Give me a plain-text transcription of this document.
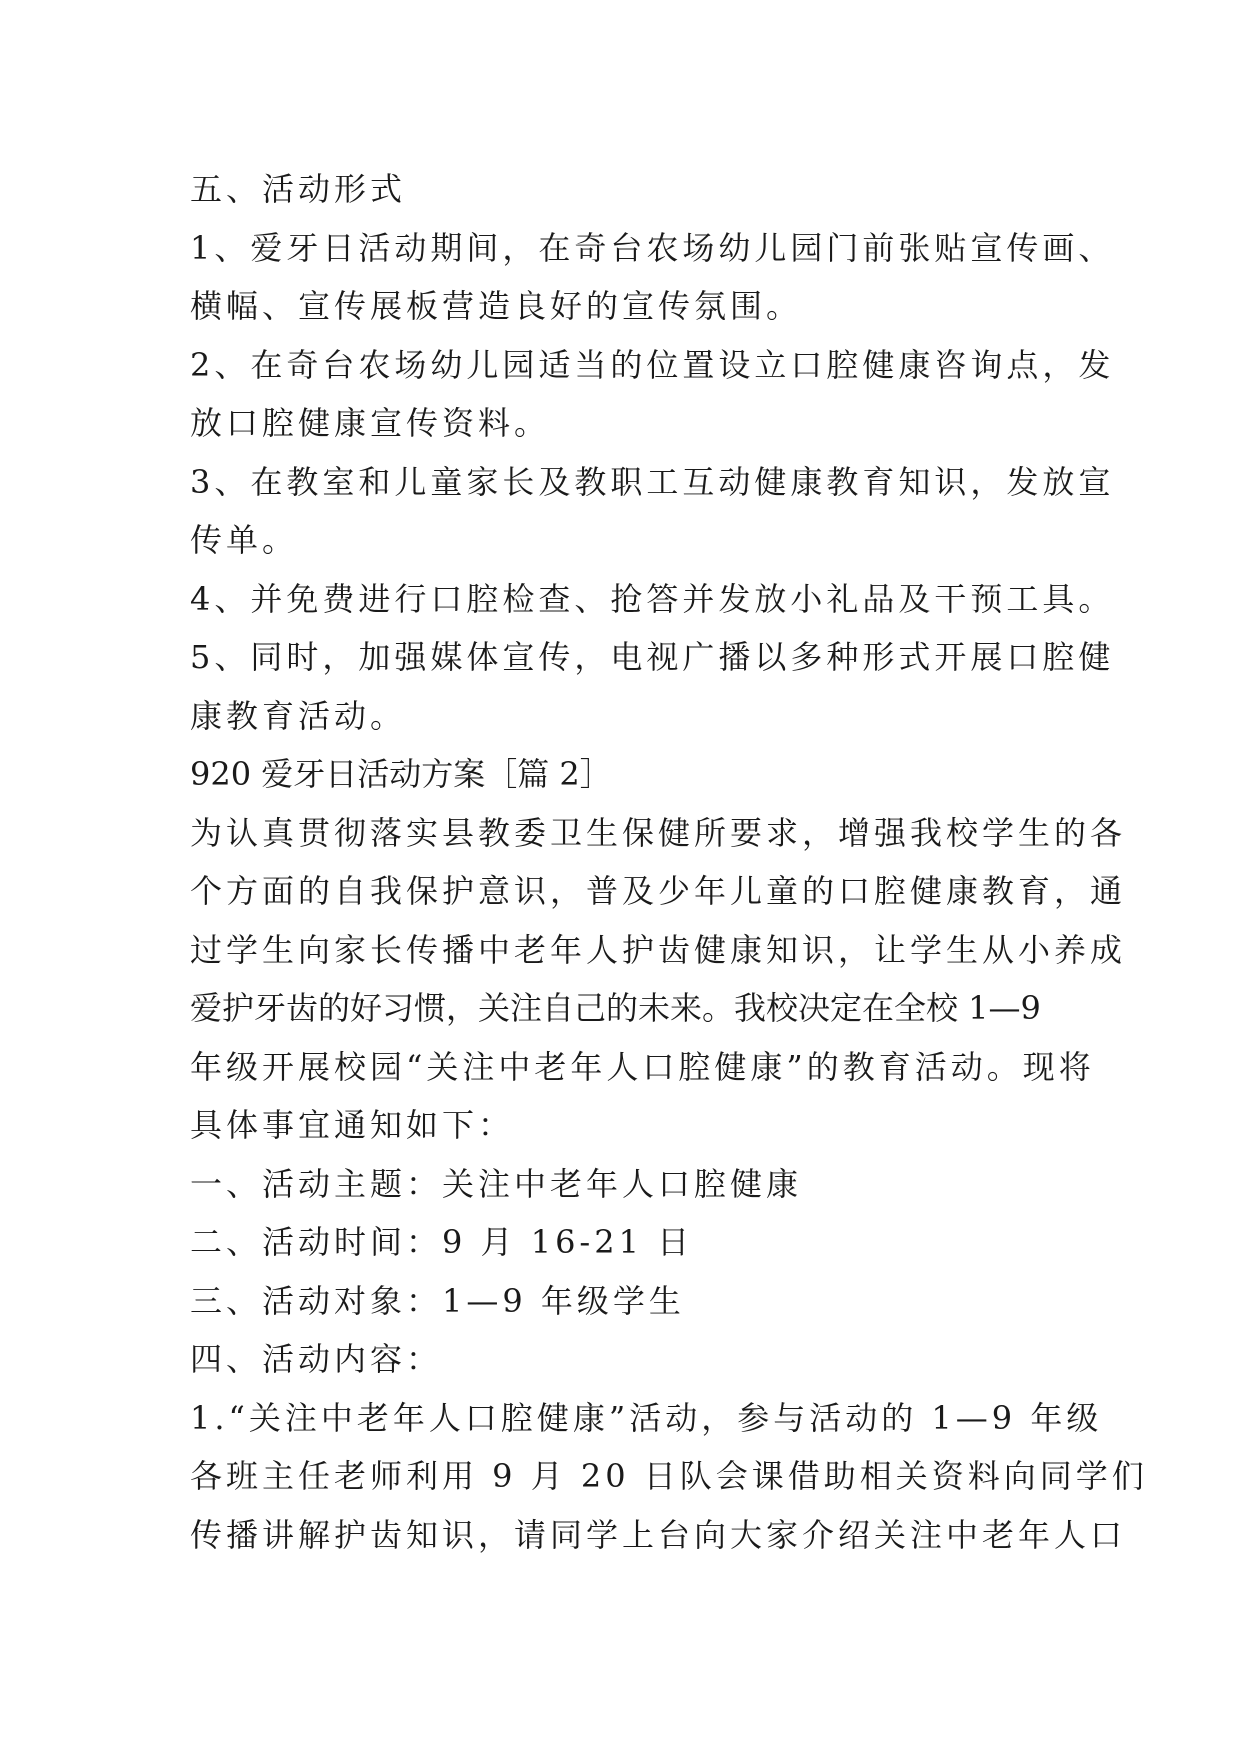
五、活动形式
1、爱牙日活动期间，在奇台农场幼儿园门前张贴宣传画、
横幅、宣传展板营造良好的宣传氛围。
2、在奇台农场幼儿园适当的位置设立口腔健康咨询点，发
放口腔健康宣传资料。
3、在教室和儿童家长及教职工互动健康教育知识，发放宣
传单。
4、并免费进行口腔检查、抢答并发放小礼品及干预工具。
5、同时，加强媒体宣传，电视广播以多种形式开展口腔健
康教育活动。
920 爱牙日活动方案［篇 2］
为认真贯彻落实县教委卫生保健所要求，增强我校学生的各
个方面的自我保护意识，普及少年儿童的口腔健康教育，通
过学生向家长传播中老年人护齿健康知识，让学生从小养成
爱护牙齿的好习惯，关注自己的未来。我校决定在全校 1—9
年级开展校园“关注中老年人口腔健康”的教育活动。现将
具体事宜通知如下：
一、活动主题：关注中老年人口腔健康
二、活动时间：9 月 16-21 日
三、活动对象：1—9 年级学生
四、活动内容：
1.“关注中老年人口腔健康”活动，参与活动的 1—9 年级
各班主任老师利用 9 月 20 日队会课借助相关资料向同学们
传播讲解护齿知识，请同学上台向大家介绍关注中老年人口
